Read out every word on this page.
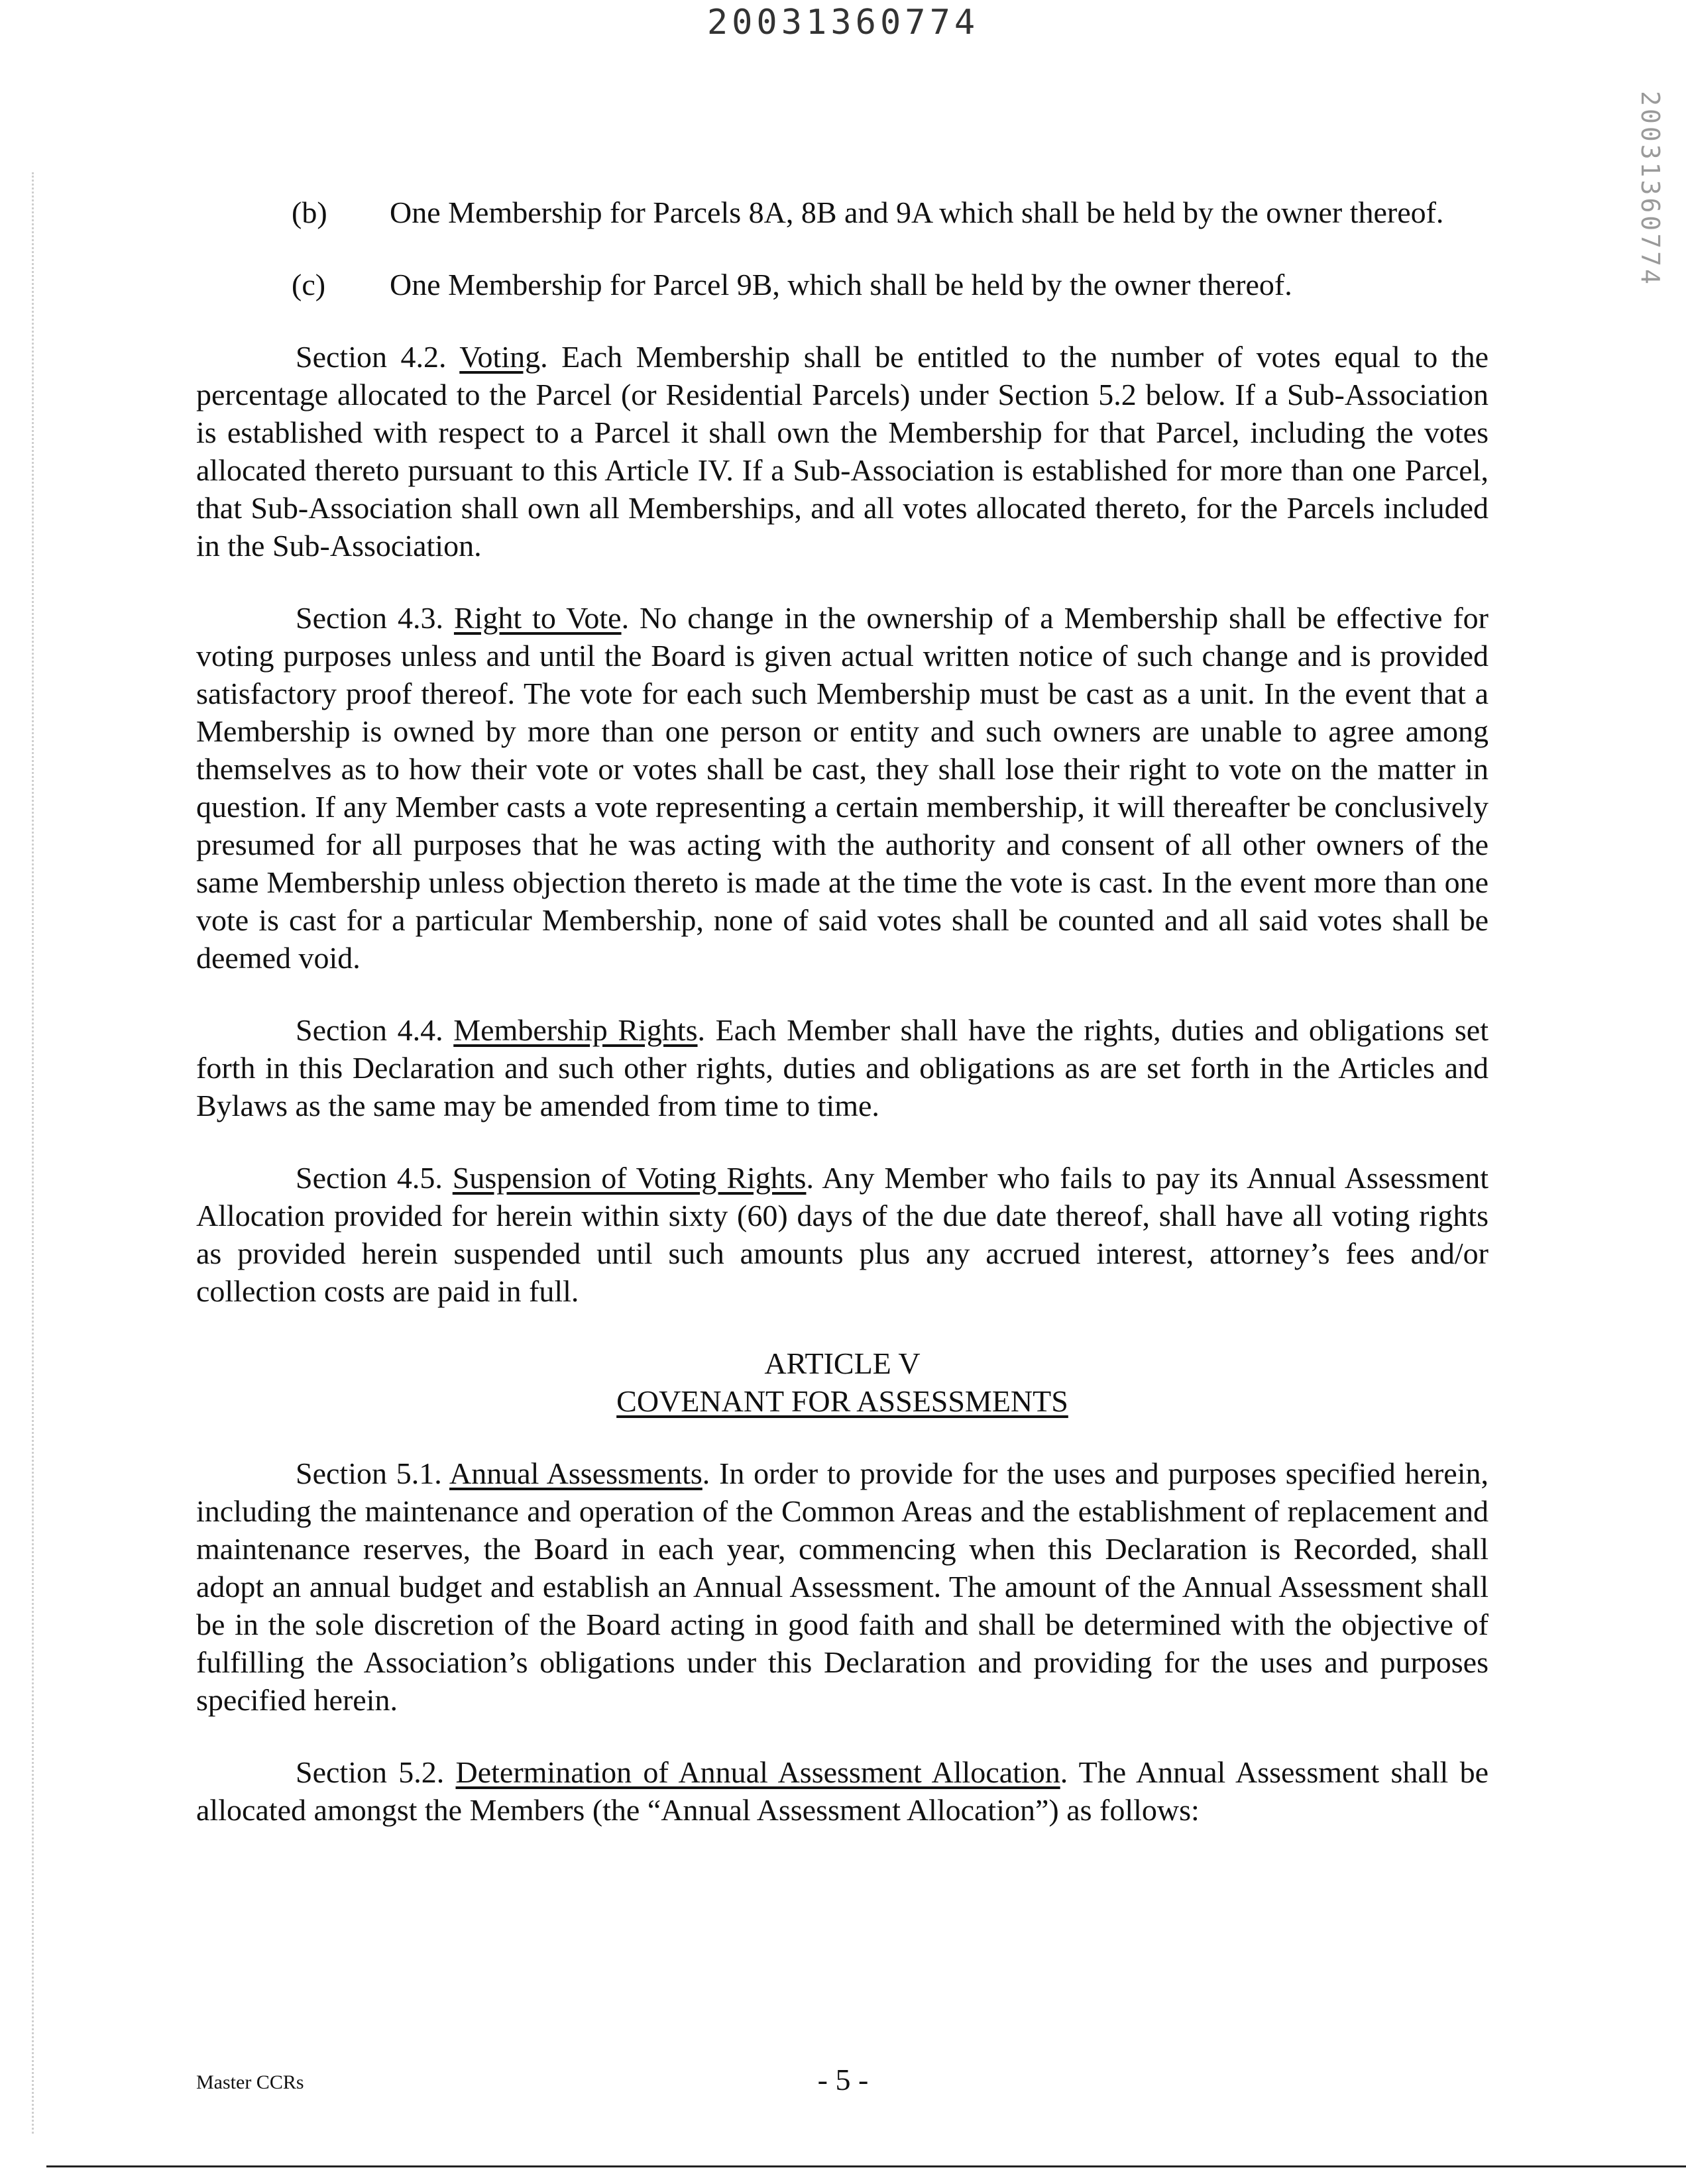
20031360774
20031360774
(b)	One Membership for Parcels 8A, 8B and 9A which shall be held by the owner thereof.
(c)	One Membership for Parcel 9B, which shall be held by the owner thereof.

Section 4.2. Voting. Each Membership shall be entitled to the number of votes equal to the percentage allocated to the Parcel (or Residential Parcels) under Section 5.2 below. If a Sub-Association is established with respect to a Parcel it shall own the Membership for that Parcel, including the votes allocated thereto pursuant to this Article IV. If a Sub-Association is established for more than one Parcel, that Sub-Association shall own all Memberships, and all votes allocated thereto, for the Parcels included in the Sub-Association.

Section 4.3. Right to Vote. No change in the ownership of a Membership shall be effective for voting purposes unless and until the Board is given actual written notice of such change and is provided satisfactory proof thereof. The vote for each such Membership must be cast as a unit. In the event that a Membership is owned by more than one person or entity and such owners are unable to agree among themselves as to how their vote or votes shall be cast, they shall lose their right to vote on the matter in question. If any Member casts a vote representing a certain membership, it will thereafter be conclusively presumed for all purposes that he was acting with the authority and consent of all other owners of the same Membership unless objection thereto is made at the time the vote is cast. In the event more than one vote is cast for a particular Membership, none of said votes shall be counted and all said votes shall be deemed void.

Section 4.4. Membership Rights. Each Member shall have the rights, duties and obligations set forth in this Declaration and such other rights, duties and obligations as are set forth in the Articles and Bylaws as the same may be amended from time to time.

Section 4.5. Suspension of Voting Rights. Any Member who fails to pay its Annual Assessment Allocation provided for herein within sixty (60) days of the due date thereof, shall have all voting rights as provided herein suspended until such amounts plus any accrued interest, attorney’s fees and/or collection costs are paid in full.

ARTICLE V
COVENANT FOR ASSESSMENTS

Section 5.1. Annual Assessments. In order to provide for the uses and purposes specified herein, including the maintenance and operation of the Common Areas and the establishment of replacement and maintenance reserves, the Board in each year, commencing when this Declaration is Recorded, shall adopt an annual budget and establish an Annual Assessment. The amount of the Annual Assessment shall be in the sole discretion of the Board acting in good faith and shall be determined with the objective of fulfilling the Association’s obligations under this Declaration and providing for the uses and purposes specified herein.

Section 5.2. Determination of Annual Assessment Allocation. The Annual Assessment shall be allocated amongst the Members (the “Annual Assessment Allocation”) as follows:

Master CCRs	- 5 -
